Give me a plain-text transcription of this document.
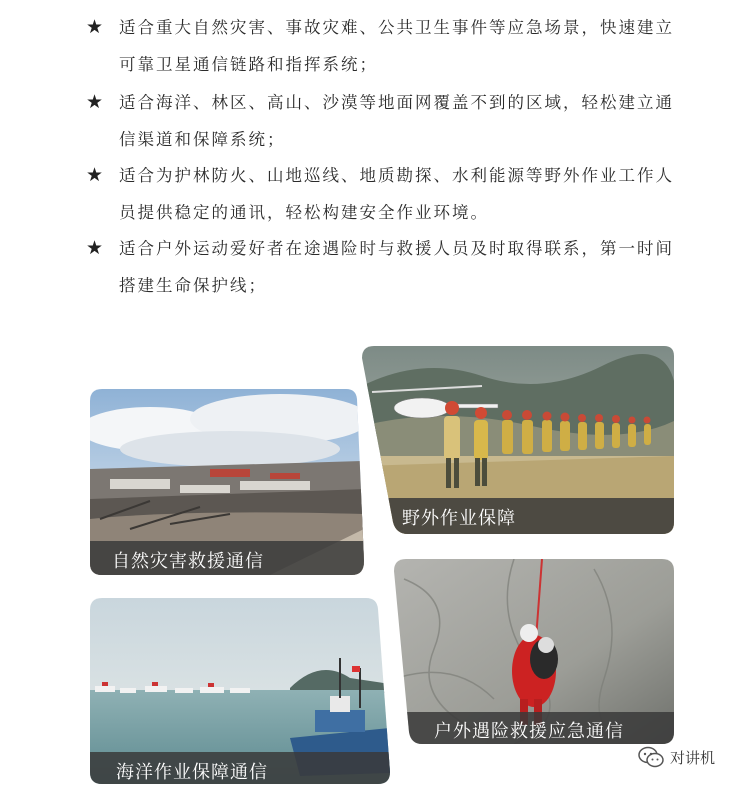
★ 适合重大自然灾害、事故灾难、公共卫生事件等应急场景，快速建立可靠卫星通信链路和指挥系统；
★ 适合海洋、林区、高山、沙漠等地面网覆盖不到的区域，轻松建立通信渠道和保障系统；
★ 适合为护林防火、山地巡线、地质勘探、水利能源等野外作业工作人员提供稳定的通讯，轻松构建安全作业环境。
★ 适合户外运动爱好者在途遇险时与救援人员及时取得联系，第一时间搭建生命保护线；
野外作业保障
自然灾害救援通信
户外遇险救援应急通信
海洋作业保障通信
对讲机
